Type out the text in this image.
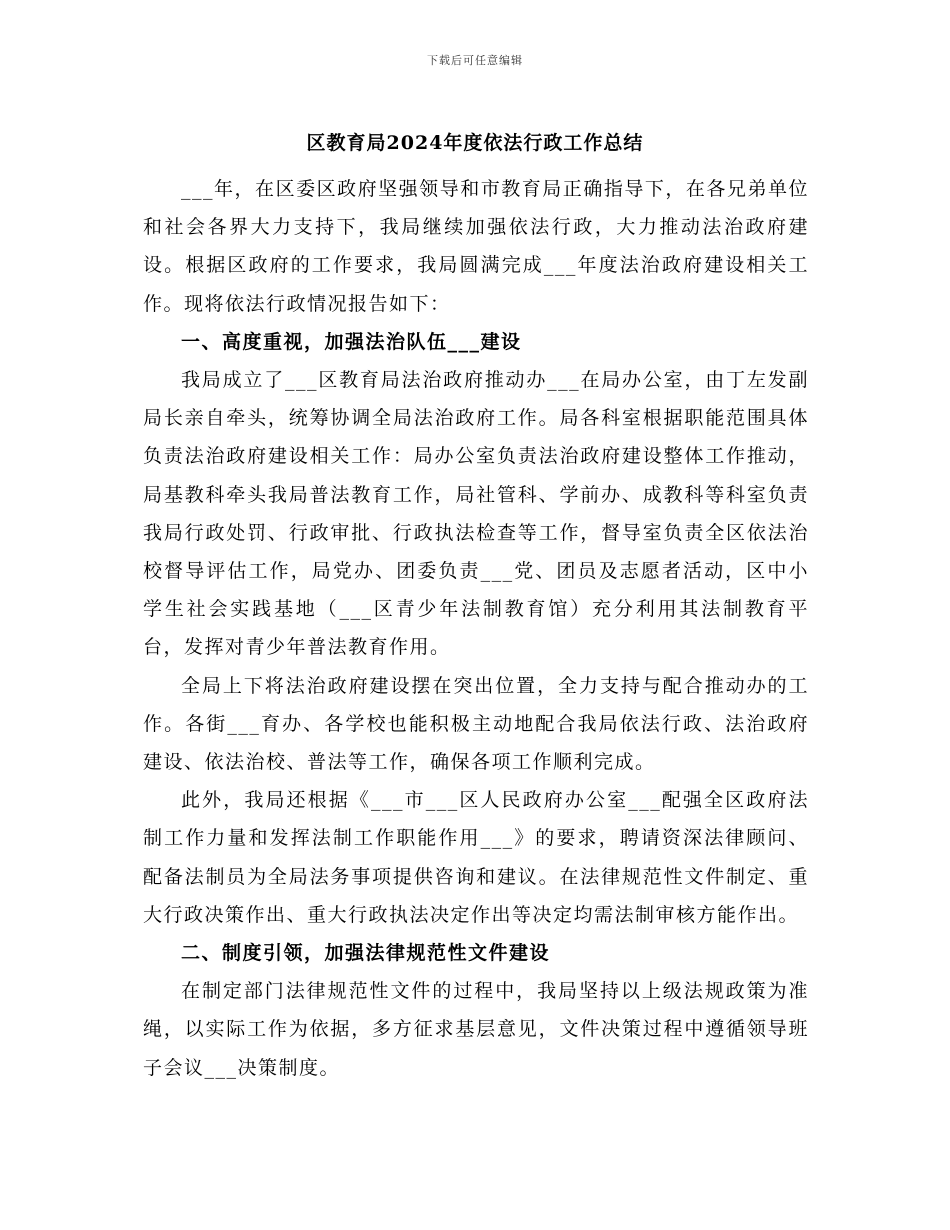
下载后可任意编辑
区教育局2024年度依法行政工作总结

___年，在区委区政府坚强领导和市教育局正确指导下，在各兄弟单位和社会各界大力支持下，我局继续加强依法行政，大力推动法治政府建设。根据区政府的工作要求，我局圆满完成___年度法治政府建设相关工作。现将依法行政情况报告如下：

一、高度重视，加强法治队伍___建设

我局成立了___区教育局法治政府推动办___在局办公室，由丁左发副局长亲自牵头，统筹协调全局法治政府工作。局各科室根据职能范围具体负责法治政府建设相关工作：局办公室负责法治政府建设整体工作推动，局基教科牵头我局普法教育工作，局社管科、学前办、成教科等科室负责我局行政处罚、行政审批、行政执法检查等工作，督导室负责全区依法治校督导评估工作，局党办、团委负责___党、团员及志愿者活动，区中小学生社会实践基地（___区青少年法制教育馆）充分利用其法制教育平台，发挥对青少年普法教育作用。

全局上下将法治政府建设摆在突出位置，全力支持与配合推动办的工作。各街___育办、各学校也能积极主动地配合我局依法行政、法治政府建设、依法治校、普法等工作，确保各项工作顺利完成。

此外，我局还根据《___市___区人民政府办公室___配强全区政府法制工作力量和发挥法制工作职能作用___》的要求，聘请资深法律顾问、配备法制员为全局法务事项提供咨询和建议。在法律规范性文件制定、重大行政决策作出、重大行政执法决定作出等决定均需法制审核方能作出。

二、制度引领，加强法律规范性文件建设

在制定部门法律规范性文件的过程中，我局坚持以上级法规政策为准绳，以实际工作为依据，多方征求基层意见，文件决策过程中遵循领导班子会议___决策制度。
